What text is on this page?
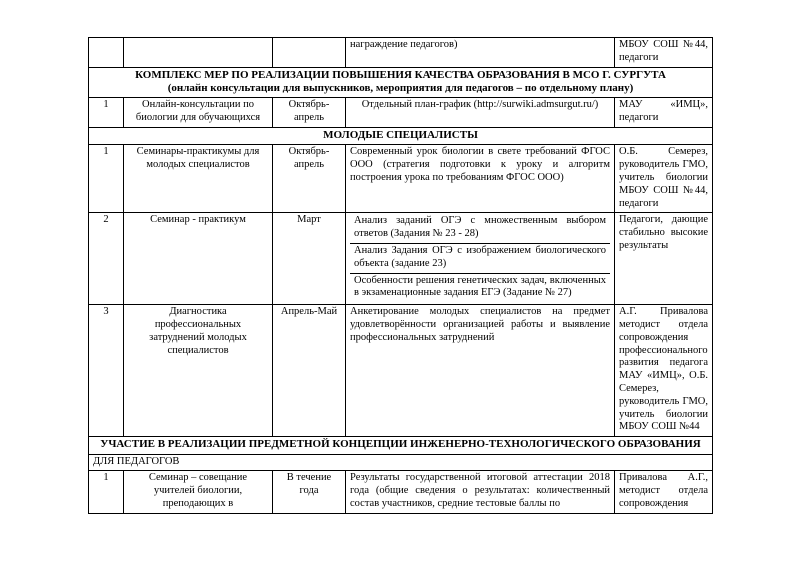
			награждение педагогов)	МБОУ СОШ №44, педагоги

КОМПЛЕКС МЕР ПО РЕАЛИЗАЦИИ ПОВЫШЕНИЯ КАЧЕСТВА ОБРАЗОВАНИЯ В МСО Г. СУРГУТА
(онлайн консультации для выпускников, мероприятия для педагогов – по отдельному плану)				

1	Онлайн-консультации по биологии для обучающихся	Октябрь-апрель	Отдельный план-график (http://surwiki.admsurgut.ru/)	МАУ «ИМЦ», педагоги
МОЛОДЫЕ СПЕЦИАЛИСТЫ				
1	Семинары-практикумы для молодых специалистов	Октябрь-апрель	Современный урок биологии в свете требований ФГОС ООО (стратегия подготовки к уроку и алгоритм построения урока по требованиям ФГОС ООО)	О.Б. Семерез, руководитель ГМО, учитель биологии МБОУ СОШ №44, педагоги
2	Семинар - практикум	Март	Анализ заданий ОГЭ с множественным выбором ответов (Задания № 23 - 28)
Анализ Задания ОГЭ с изображением биологического объекта (задание 23)
Особенности решения генетических задач, включенных в экзаменационные задания ЕГЭ (Задание № 27)	Педагоги, дающие стабильно высокие результаты
3	Диагностика профессиональных затруднений молодых специалистов	Апрель-Май	Анкетирование молодых специалистов на предмет удовлетворённости организацией работы и выявление профессиональных затруднений	А.Г. Привалова методист отдела сопровождения профессионального развития педагога МАУ «ИМЦ», О.Б. Семерез, руководитель ГМО, учитель биологии МБОУ СОШ №44
УЧАСТИЕ В РЕАЛИЗАЦИИ ПРЕДМЕТНОЙ КОНЦЕПЦИИ ИНЖЕНЕРНО-ТЕХНОЛОГИЧЕСКОГО ОБРАЗОВАНИЯ				
ДЛЯ ПЕДАГОГОВ				
1	Семинар – совещание учителей биологии, преподающих в	В течение года	Результаты государственной итоговой аттестации 2018 года (общие сведения о результатах: количественный состав участников, средние тестовые баллы по	Привалова А.Г., методист отдела сопровождения
